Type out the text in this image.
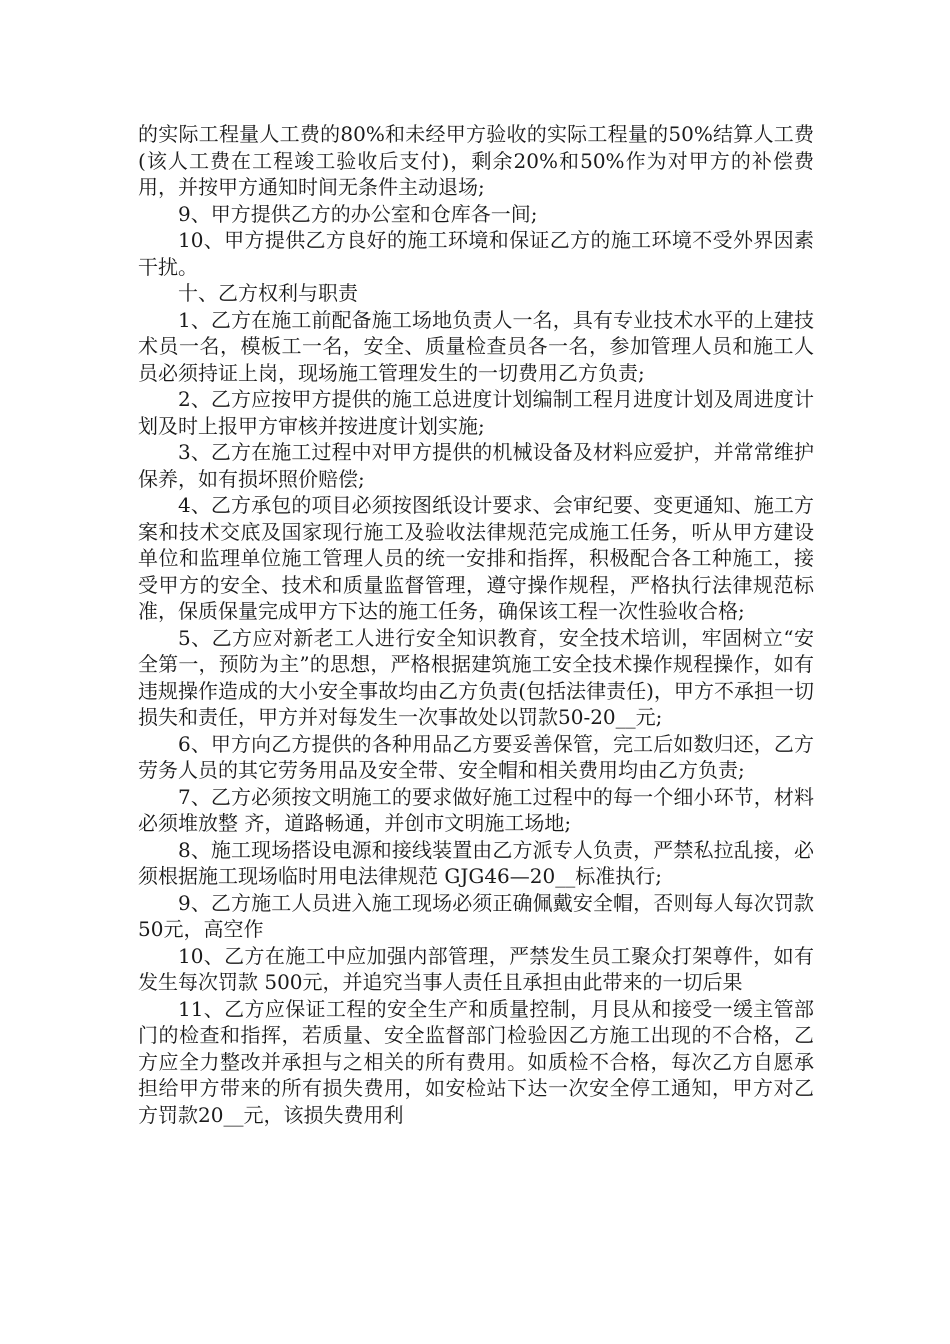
的实际工程量人工费的80%和未经甲方验收的实际工程量的50%结算人工费(该人工费在工程竣工验收后支付)，剩余20%和50%作为对甲方的补偿费用，并按甲方通知时间无条件主动退场;

9、甲方提供乙方的办公室和仓库各一间;

10、甲方提供乙方良好的施工环境和保证乙方的施工环境不受外界因素干扰。

十、乙方权利与职责

1、乙方在施工前配备施工场地负责人一名，具有专业技术水平的上建技术员一名，模板工一名，安全、质量检查员各一名，参加管理人员和施工人员必须持证上岗，现场施工管理发生的一切费用乙方负责;

2、乙方应按甲方提供的施工总进度计划编制工程月进度计划及周进度计划及时上报甲方审核并按进度计划实施;

3、乙方在施工过程中对甲方提供的机械设备及材料应爱护，并常常维护保养，如有损坏照价赔偿;

4、乙方承包的项目必须按图纸设计要求、会审纪要、变更通知、施工方案和技术交底及国家现行施工及验收法律规范完成施工任务，听从甲方建设单位和监理单位施工管理人员的统一安排和指挥，积极配合各工种施工，接受甲方的安全、技术和质量监督管理，遵守操作规程，严格执行法律规范标准，保质保量完成甲方下达的施工任务，确保该工程一次性验收合格;

5、乙方应对新老工人进行安全知识教育，安全技术培训，牢固树立“安全第一，预防为主”的思想，严格根据建筑施工安全技术操作规程操作，如有违规操作造成的大小安全事故均由乙方负责(包括法律责任)，甲方不承担一切损失和责任，甲方并对每发生一次事故处以罚款50-20__元;

6、甲方向乙方提供的各种用品乙方要妥善保管，完工后如数归还，乙方劳务人员的其它劳务用品及安全带、安全帽和相关费用均由乙方负责;

7、乙方必须按文明施工的要求做好施工过程中的每一个细小环节，材料必须堆放整 齐，道路畅通，并创市文明施工场地;

8、施工现场搭设电源和接线装置由乙方派专人负责，严禁私拉乱接，必须根据施工现场临时用电法律规范 GJG46—20__标准执行;

9、乙方施工人员进入施工现场必须正确佩戴安全帽，否则每人每次罚款50元，高空作

10、乙方在施工中应加强内部管理，严禁发生员工聚众打架尊件，如有发生每次罚款 500元，并追究当事人责任且承担由此带来的一切后果

11、乙方应保证工程的安全生产和质量控制，月艮从和接受一缓主管部门的检查和指挥，若质量、安全监督部门检验因乙方施工出现的不合格，乙方应全力整改并承担与之相关的所有费用。如质检不合格，每次乙方自愿承担给甲方带来的所有损失费用，如安检站下达一次安全停工通知，甲方对乙方罚款20__元，该损失费用利
